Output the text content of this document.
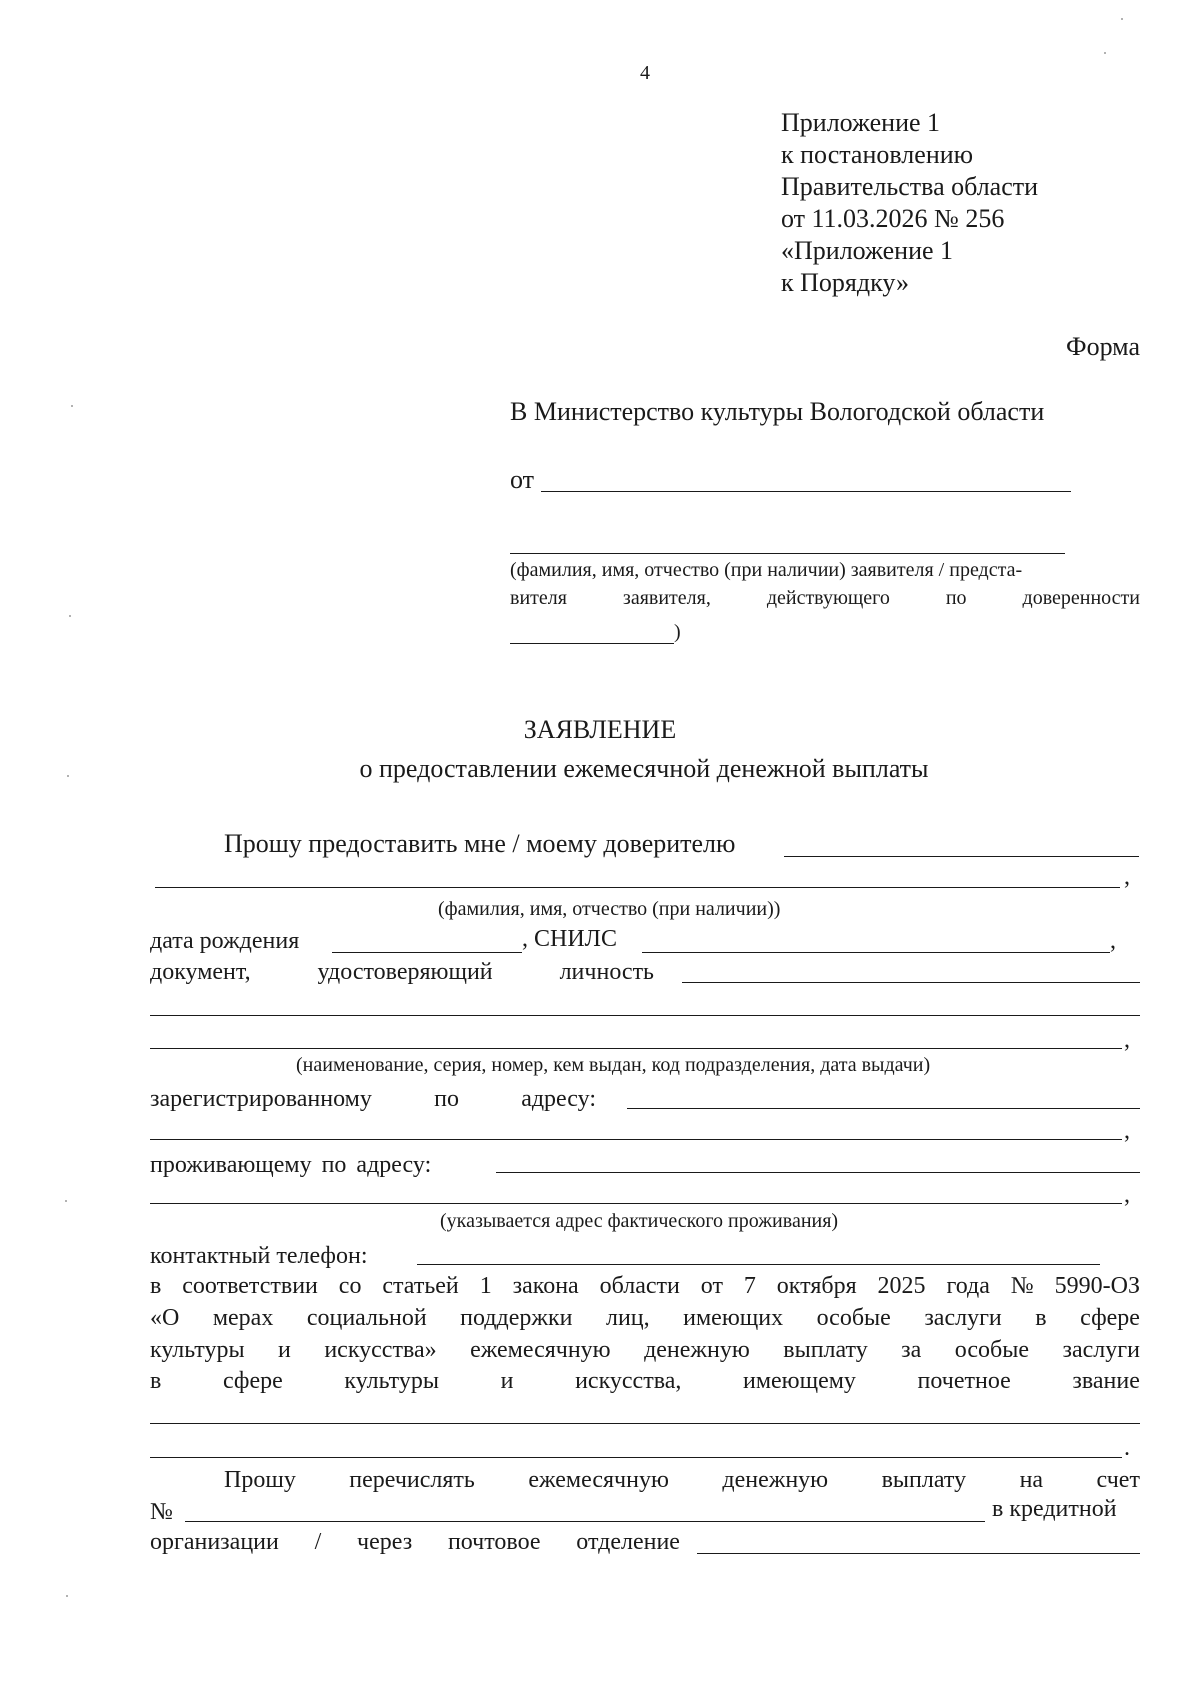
4
Приложение 1
к постановлению
Правительства области
от 11.03.2026 № 256
«Приложение 1
к Порядку»
Форма
В Министерство культуры Вологодской области
от
(фамилия, имя, отчество (при наличии) заявителя / предста-
вителя	заявителя,	действующего	по	доверенности
)
ЗАЯВЛЕНИЕ
о предоставлении ежемесячной денежной выплаты
Прошу предоставить мне / моему доверителю
,
(фамилия, имя, отчество (при наличии))
дата рождения	, СНИЛС	,
документ,	удостоверяющий	личность
,
(наименование, серия, номер, кем выдан, код подразделения, дата выдачи)
зарегистрированному	по	адресу:
,
проживающему по адресу:
,
(указывается адрес фактического проживания)
контактный телефон:
в соответствии со статьей 1 закона области от 7 октября 2025 года № 5990-ОЗ
«О мерах социальной поддержки лиц, имеющих особые заслуги в сфере
культуры и искусства» ежемесячную денежную выплату за особые заслуги
в	сфере	культуры	и	искусства,	имеющему	почетное	звание
.
Прошу перечислять ежемесячную денежную выплату на счет
№	в кредитной
организации / через почтовое отделение
